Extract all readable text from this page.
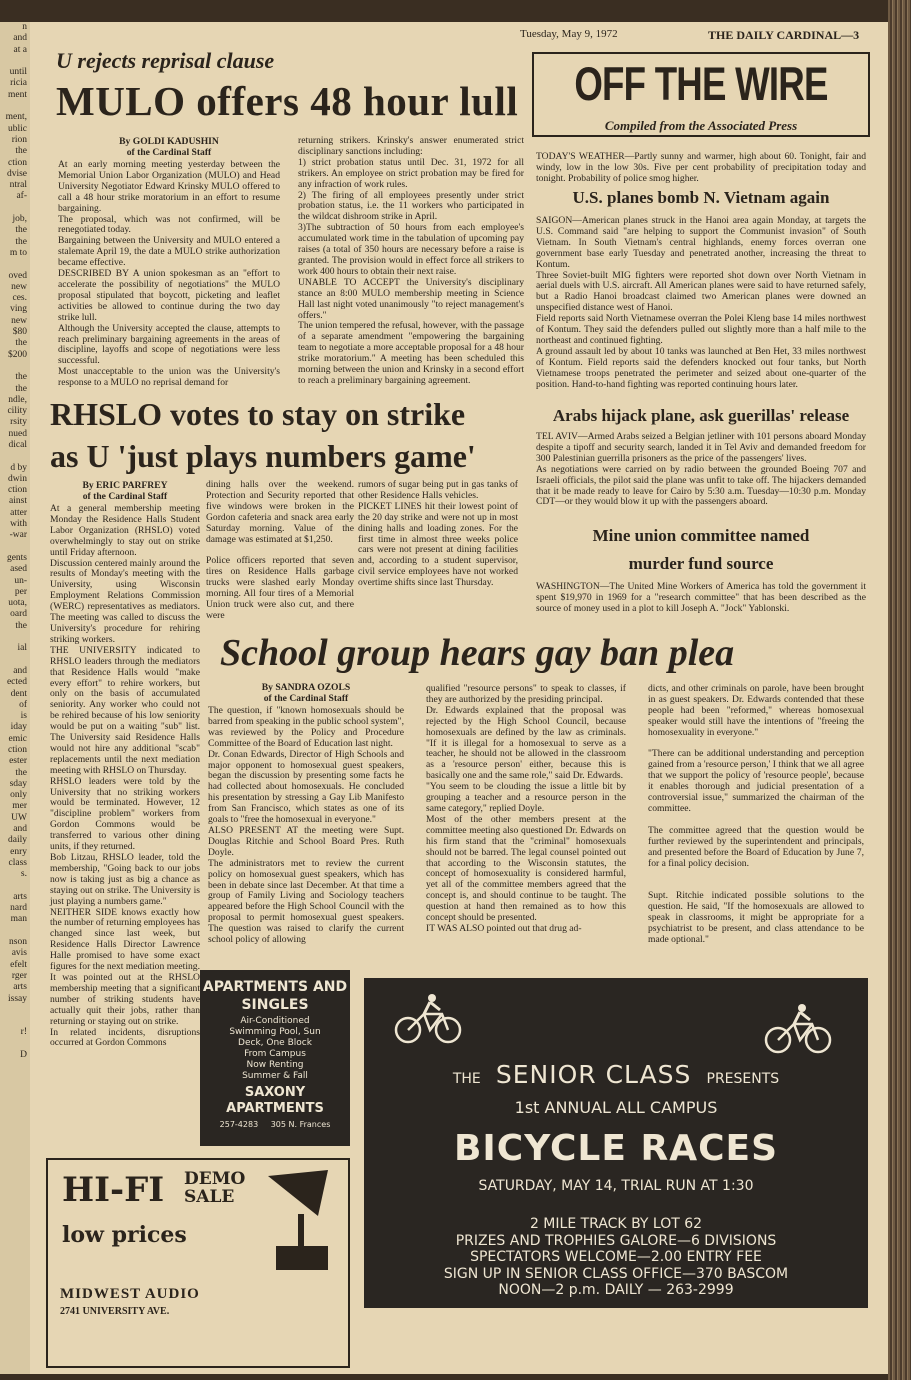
n
and
at a

until
ricia
ment

ment,
ublic
rion
the
ction
dvise
ntral
af-

job,
the
the
m to

oved
new
ces.
ving
new
$80
the
$200

the
the
ndle,
cility
rsity
nued
dical

d by
dwin
ction
ainst
atter
with
-war

gents
ased
un-
per
uota,
oard
the

ial

and
ected
dent
of
is
iday
emic
ction
ester
the
sday
only
mer
UW
and
daily
enry
class
s.

arts
nard
man

nson
avis
efelt
rger
arts
issay

r!

D
Tuesday, May 9, 1972	THE DAILY CARDINAL—3
U rejects reprisal clause
MULO offers 48 hour lull

By GOLDI KADUSHIN
of the Cardinal Staff

At an early morning meeting yesterday between the Memorial Union Labor Organization (MULO) and Head University Negotiator Edward Krinsky MULO offered to call a 48 hour strike moratorium in an effort to resume bargaining.
The proposal, which was not confirmed, will be renegotiated today.
Bargaining between the University and MULO entered a stalemate April 19, the date a MULO strike authorization became effective.
DESCRIBED BY A union spokesman as an "effort to accelerate the possibility of negotiations" the MULO proposal stipulated that boycott, picketing and leaflet activities be allowed to continue during the two day strike lull.
Although the University accepted the clause, attempts to reach preliminary bargaining agreements in the areas of discipline, layoffs and scope of negotiations were less successful.
Most unacceptable to the union was the University's response to a MULO no reprisal demand for

returning strikers. Krinsky's answer enumerated strict disciplinary sanctions including:
1) strict probation status until Dec. 31, 1972 for all strikers. An employee on strict probation may be fired for any infraction of work rules.
2) The firing of all employees presently under strict probation status, i.e. the 11 workers who participated in the wildcat dishroom strike in April.
3)The subtraction of 50 hours from each employee's accumulated work time in the tabulation of upcoming pay raises (a total of 350 hours are necessary before a raise is granted. The provision would in effect force all strikers to work 400 hours to obtain their next raise.
UNABLE TO ACCEPT the University's disciplinary stance an 8:00 MULO membership meeting in Science Hall last night voted unanimously "to reject management's offers."
The union tempered the refusal, however, with the passage of a separate amendment "empowering the bargaining team to negotiate a more acceptable proposal for a 48 hour strike moratorium." A meeting has been scheduled this morning between the union and Krinsky in a second effort to reach a preliminary bargaining agreement.

OFF THE WIRE
Compiled from the Associated Press

TODAY'S WEATHER—Partly sunny and warmer, high about 60. Tonight, fair and windy, low in the low 30s. Five per cent probability of precipitation today and tonight. Probability of police smog higher.

U.S. planes bomb N. Vietnam again

SAIGON—American planes struck in the Hanoi area again Monday, at targets the U.S. Command said "are helping to support the Communist invasion" of South Vietnam. In South Vietnam's central highlands, enemy forces overran one government base early Tuesday and penetrated another, increasing the threat to Kontum.
Three Soviet-built MIG fighters were reported shot down over North Vietnam in aerial duels with U.S. aircraft. All American planes were said to have returned safely, but a Radio Hanoi broadcast claimed two American planes were downed an unspecified distance west of Hanoi.
Field reports said North Vietnamese overran the Polei Kleng base 14 miles northwest of Kontum. They said the defenders pulled out slightly more than a half mile to the northeast and continued fighting.
A ground assault led by about 10 tanks was launched at Ben Het, 33 miles northwest of Kontum. Field reports said the defenders knocked out four tanks, but North Vietnamese troops penetrated the perimeter and seized about one-quarter of the position. Hand-to-hand fighting was reported continuing hours later.

Arabs hijack plane, ask guerillas' release

TEL AVIV—Armed Arabs seized a Belgian jetliner with 101 persons aboard Monday despite a tipoff and security search, landed it in Tel Aviv and demanded freedom for 300 Palestinian guerrilla prisoners as the price of the passengers' lives.
As negotiations were carried on by radio between the grounded Boeing 707 and Israeli officials, the pilot said the plane was unfit to take off. The hijackers demanded that it be made ready to leave for Cairo by 5:30 a.m. Tuesday—10:30 p.m. Monday CDT—or they would blow it up with the passengers aboard.

Mine union committee named
murder fund source

WASHINGTON—The United Mine Workers of America has told the government it spent $19,970 in 1969 for a "research committee" that has been described as the source of money used in a plot to kill Joseph A. "Jock" Yablonski.

RHSLO votes to stay on strike
as U 'just plays numbers game'

By ERIC PARFREY
of the Cardinal Staff

At a general membership meeting Monday the Residence Halls Student Labor Organization (RHSLO) voted overwhelmingly to stay out on strike until Friday afternoon.
Discussion centered mainly around the results of Monday's meeting with the University, using Wisconsin Employment Relations Commission (WERC) representatives as mediators. The meeting was called to discuss the University's procedure for rehiring striking workers.
THE UNIVERSITY indicated to RHSLO leaders through the mediators that Residence Halls would "make every effort" to rehire workers, but only on the basis of accumulated seniority. Any worker who could not be rehired because of his low seniority would be put on a waiting "sub" list. The University said Residence Halls would not hire any additional "scab" replacements until the next mediation meeting with RHSLO on Thursday.
RHSLO leaders were told by the University that no striking workers would be terminated. However, 12 "discipline problem" workers from Gordon Commons would be transferred to various other dining units, if they returned.
Bob Litzau, RHSLO leader, told the membership, "Going back to our jobs now is taking just as big a chance as staying out on strike. The University is just playing a numbers game."
NEITHER SIDE knows exactly how the number of returning employees has changed since last week, but Residence Halls Director Lawrence Halle promised to have some exact figures for the next mediation meeting. It was pointed out at the RHSLO membership meeting that a significant number of striking students have actually quit their jobs, rather than returning or staying out on strike.
In related incidents, disruptions occurred at Gordon Commons

dining halls over the weekend. Protection and Security reported that five windows were broken in the Gordon cafeteria and snack area early Saturday morning. Value of the damage was estimated at $1,250.

Police officers reported that seven tires on Residence Halls garbage trucks were slashed early Monday morning. All four tires of a Memorial Union truck were also cut, and there were

rumors of sugar being put in gas tanks of other Residence Halls vehicles.
PICKET LINES hit their lowest point of the 20 day strike and were not up in most dining halls and loading zones. For the first time in almost three weeks police cars were not present at dining facilities and, according to a student supervisor, civil service employees have not worked overtime shifts since last Thursday.

School group hears gay ban plea

By SANDRA OZOLS
of the Cardinal Staff

The question, if "known homosexuals should be barred from speaking in the public school system", was reviewed by the Policy and Procedure Committee of the Board of Education last night.
Dr. Conan Edwards, Director of High Schools and major opponent to homosexual guest speakers, began the discussion by presenting some facts he had collected about homosexuals. He concluded his presentation by stressing a Gay Lib Manifesto from San Francisco, which states as one of its goals to "free the homosexual in everyone."
ALSO PRESENT AT the meeting were Supt. Douglas Ritchie and School Board Pres. Ruth Doyle.
The administrators met to review the current policy on homosexual guest speakers, which has been in debate since last December. At that time a group of Family Living and Sociology teachers appeared before the High School Council with the proposal to permit homosexual guest speakers. The question was raised to clarify the current school policy of allowing

qualified "resource persons" to speak to classes, if they are authorized by the presiding principal.
Dr. Edwards explained that the proposal was rejected by the High School Council, because homosexuals are defined by the law as criminals. "If it is illegal for a homosexual to serve as a teacher, he should not be allowed in the classroom as a 'resource person' either, because this is basically one and the same role," said Dr. Edwards.
"You seem to be clouding the issue a little bit by grouping a teacher and a resource person in the same category," replied Doyle.
Most of the other members present at the committee meeting also questioned Dr. Edwards on his firm stand that the "criminal" homosexuals should not be barred. The legal counsel pointed out that according to the Wisconsin statutes, the concept of homosexuality is considered harmful, yet all of the committee members agreed that the concept is, and should continue to be taught. The question at hand then remained as to how this concept should be presented.
IT WAS ALSO pointed out that drug ad-

dicts, and other criminals on parole, have been brought in as guest speakers. Dr. Edwards contended that these people had been "reformed," whereas homosexual speaker would still have the intentions of "freeing the homosexuality in everyone."

"There can be additional understanding and perception gained from a 'resource person,' I think that we all agree that we support the policy of 'resource people', because it enables thorough and judicial presentation of a controversial issue," summarized the chairman of the committee.

The committee agreed that the question would be further reviewed by the superintendent and principals, and presented before the Board of Education by June 7, for a final policy decision.

Supt. Ritchie indicated possible solutions to the question. He said, "If the homosexuals are allowed to speak in classrooms, it might be appropriate for a psychiatrist to be present, and class attendance to be made optional."

APARTMENTS AND SINGLES
Air-Conditioned
Swimming Pool, Sun
Deck, One Block
From Campus
Now Renting
Summer & Fall
SAXONY APARTMENTS
257-4283 305 N. Frances
HI-FI DEMO
SALE
low prices
MIDWEST AUDIO
2741 UNIVERSITY AVE.
THE SENIOR CLASS PRESENTS
1st ANNUAL ALL CAMPUS
BICYCLE RACES
SATURDAY, MAY 14, TRIAL RUN AT 1:30
2 MILE TRACK BY LOT 62
PRIZES AND TROPHIES GALORE—6 DIVISIONS
SPECTATORS WELCOME—2.00 ENTRY FEE
SIGN UP IN SENIOR CLASS OFFICE—370 BASCOM
NOON—2 p.m. DAILY — 263-2999
